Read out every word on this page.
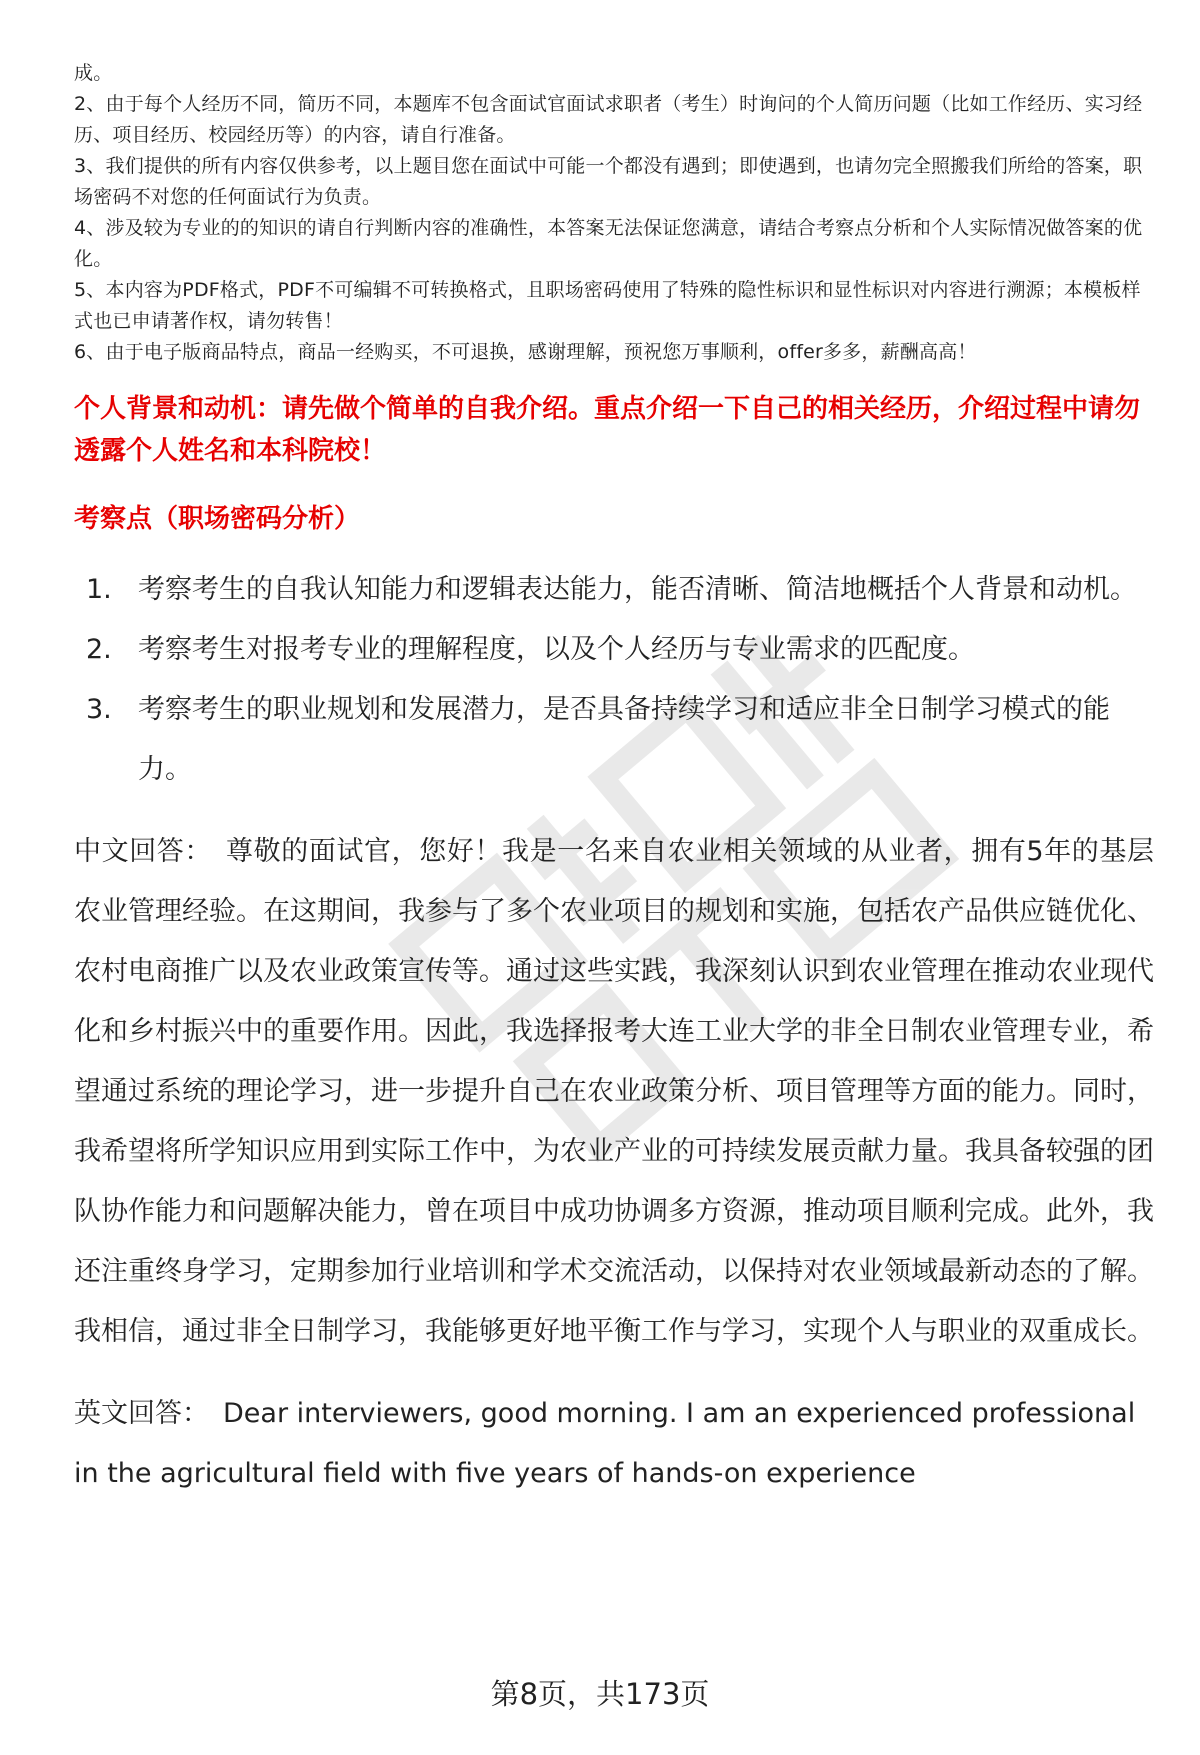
成。

2、由于每个人经历不同，简历不同，本题库不包含面试官面试求职者（考生）时询问的个人简历问题（比如工作经历、实习经历、项目经历、校园经历等）的内容，请自行准备。

3、我们提供的所有内容仅供参考，以上题目您在面试中可能一个都没有遇到；即使遇到，也请勿完全照搬我们所给的答案，职场密码不对您的任何面试行为负责。

4、涉及较为专业的的知识的请自行判断内容的准确性，本答案无法保证您满意，请结合考察点分析和个人实际情况做答案的优化。

5、本内容为PDF格式，PDF不可编辑不可转换格式，且职场密码使用了特殊的隐性标识和显性标识对内容进行溯源；本模板样式也已申请著作权，请勿转售！

6、由于电子版商品特点，商品一经购买，不可退换，感谢理解，预祝您万事顺利，offer多多，薪酬高高！

个人背景和动机：请先做个简单的自我介绍。重点介绍一下自己的相关经历，介绍过程中请勿透露个人姓名和本科院校！

考察点（职场密码分析）

1. 考察考生的自我认知能力和逻辑表达能力，能否清晰、简洁地概括个人背景和动机。
2. 考察考生对报考专业的理解程度，以及个人经历与专业需求的匹配度。
3. 考察考生的职业规划和发展潜力，是否具备持续学习和适应非全日制学习模式的能力。

中文回答： 尊敬的面试官，您好！我是一名来自农业相关领域的从业者，拥有5年的基层农业管理经验。在这期间，我参与了多个农业项目的规划和实施，包括农产品供应链优化、农村电商推广以及农业政策宣传等。通过这些实践，我深刻认识到农业管理在推动农业现代化和乡村振兴中的重要作用。因此，我选择报考大连工业大学的非全日制农业管理专业，希望通过系统的理论学习，进一步提升自己在农业政策分析、项目管理等方面的能力。同时，我希望将所学知识应用到实际工作中，为农业产业的可持续发展贡献力量。我具备较强的团队协作能力和问题解决能力，曾在项目中成功协调多方资源，推动项目顺利完成。此外，我还注重终身学习，定期参加行业培训和学术交流活动，以保持对农业领域最新动态的了解。我相信，通过非全日制学习，我能够更好地平衡工作与学习，实现个人与职业的双重成长。

英文回答： Dear interviewers, good morning. I am an experienced professional in the agricultural field with five years of hands-on experience

第8页，共173页
